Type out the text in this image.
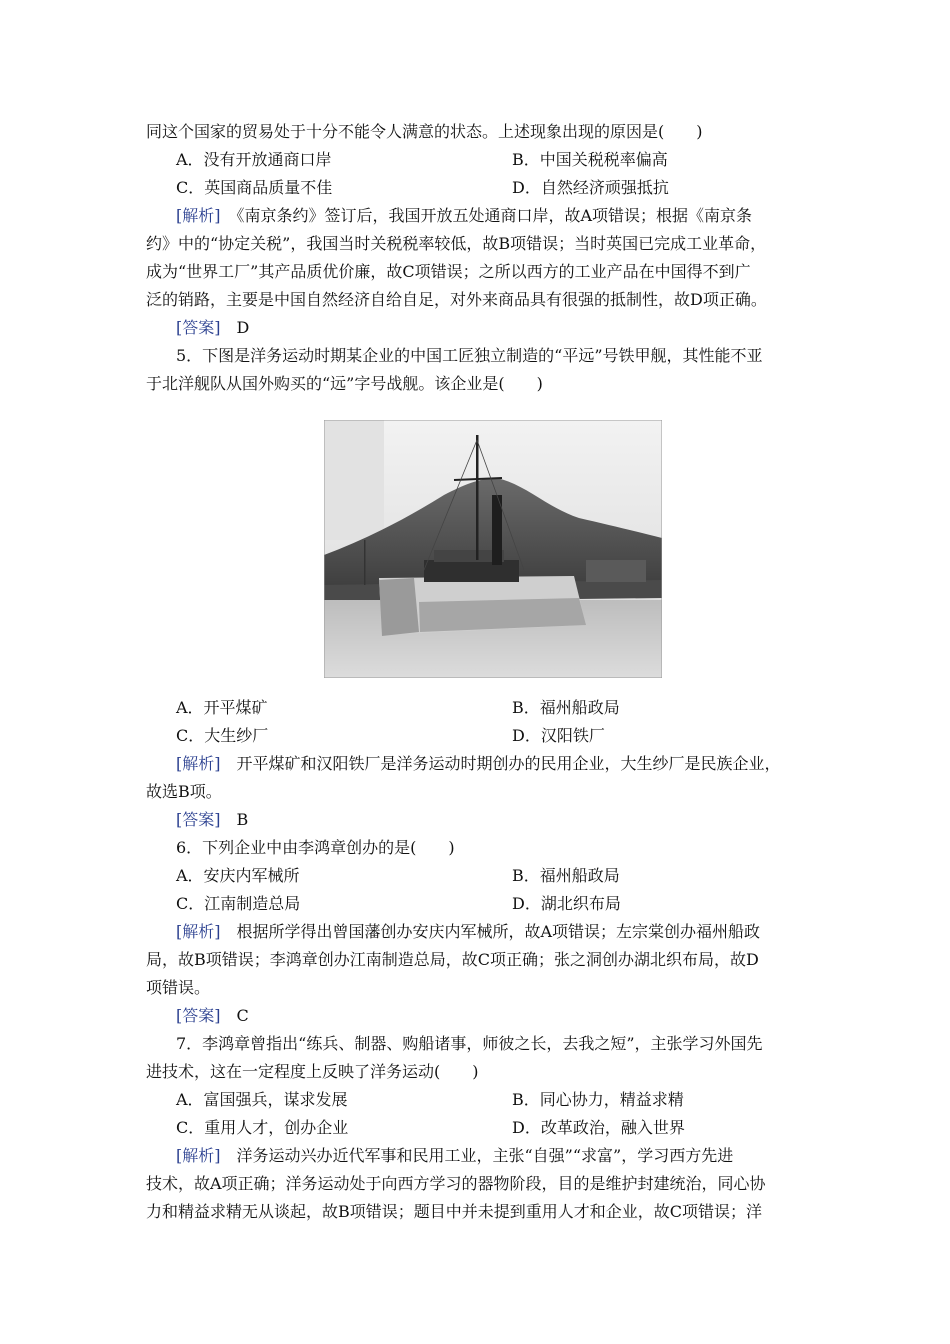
同这个国家的贸易处于十分不能令人满意的状态。上述现象出现的原因是(　　)
A．没有开放通商口岸	B．中国关税税率偏高
C．英国商品质量不佳	D．自然经济顽强抵抗
[解析]　《南京条约》签订后，我国开放五处通商口岸，故A项错误；根据《南京条
约》中的“协定关税”，我国当时关税税率较低，故B项错误；当时英国已完成工业革命，
成为“世界工厂”其产品质优价廉，故C项错误；之所以西方的工业产品在中国得不到广
泛的销路，主要是中国自然经济自给自足，对外来商品具有很强的抵制性，故D项正确。
[答案]　D
5．下图是洋务运动时期某企业的中国工匠独立制造的“平远”号铁甲舰，其性能不亚
于北洋舰队从国外购买的“远”字号战舰。该企业是(　　)
A．开平煤矿	B．福州船政局
C．大生纱厂	D．汉阳铁厂
[解析]　开平煤矿和汉阳铁厂是洋务运动时期创办的民用企业，大生纱厂是民族企业，
故选B项。
[答案]　B
6．下列企业中由李鸿章创办的是(　　)
A．安庆内军械所	B．福州船政局
C．江南制造总局	D．湖北织布局
[解析]　根据所学得出曾国藩创办安庆内军械所，故A项错误；左宗棠创办福州船政
局，故B项错误；李鸿章创办江南制造总局，故C项正确；张之洞创办湖北织布局，故D
项错误。
[答案]　C
7．李鸿章曾指出“练兵、制器、购船诸事，师彼之长，去我之短”，主张学习外国先
进技术，这在一定程度上反映了洋务运动(　　)
A．富国强兵，谋求发展	B．同心协力，精益求精
C．重用人才，创办企业	D．改革政治，融入世界
[解析]　洋务运动兴办近代军事和民用工业，主张“自强”“求富”，学习西方先进
技术，故A项正确；洋务运动处于向西方学习的器物阶段，目的是维护封建统治，同心协
力和精益求精无从谈起，故B项错误；题目中并未提到重用人才和企业，故C项错误；洋
